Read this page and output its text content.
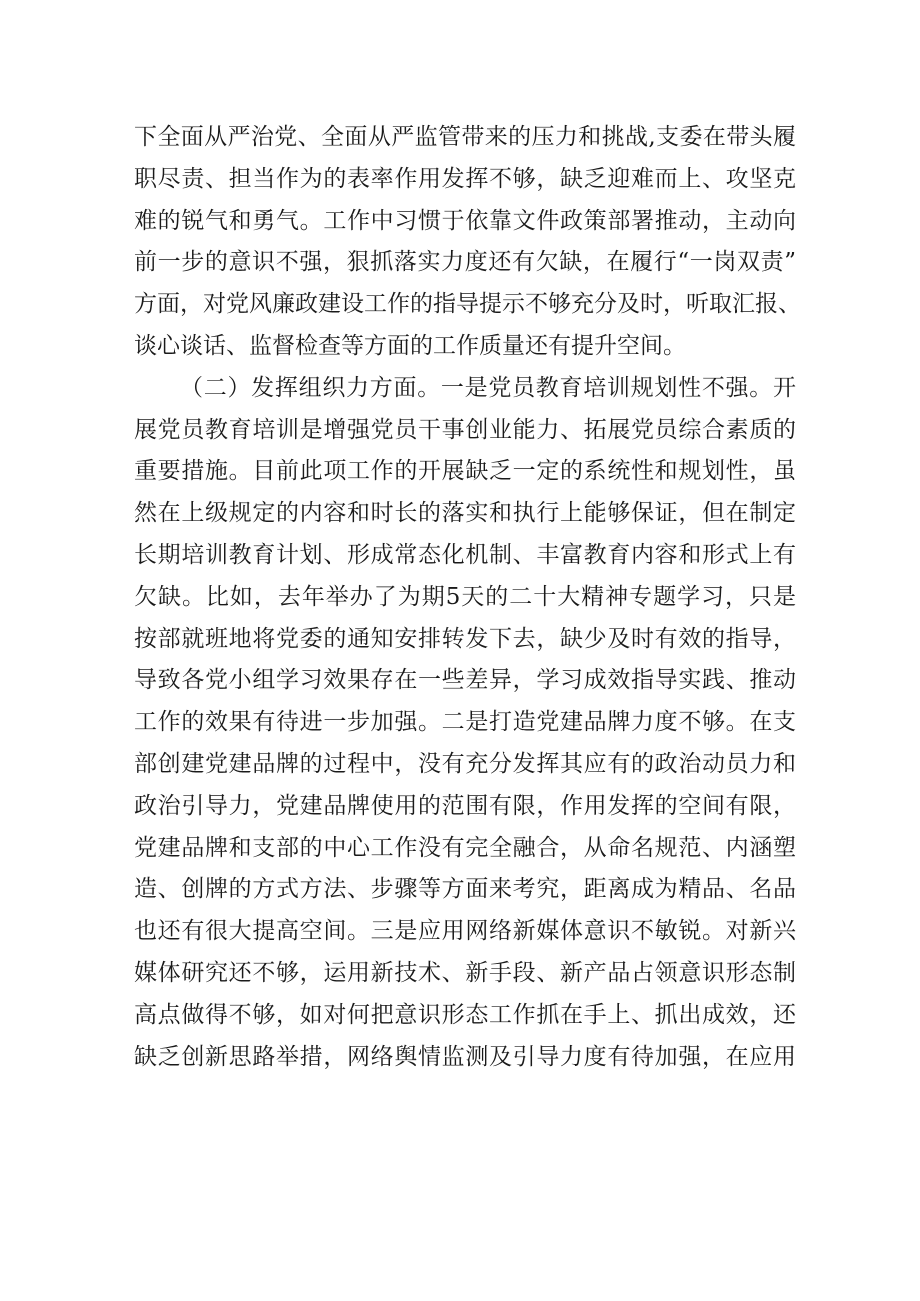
下全面从严治党、全面从严监管带来的压力和挑战,支委在带头履
职尽责、担当作为的表率作用发挥不够，缺乏迎难而上、攻坚克
难的锐气和勇气。工作中习惯于依靠文件政策部署推动，主动向
前一步的意识不强，狠抓落实力度还有欠缺，在履行“一岗双责”
方面，对党风廉政建设工作的指导提示不够充分及时，听取汇报、
谈心谈话、监督检查等方面的工作质量还有提升空间。
（二）发挥组织力方面。一是党员教育培训规划性不强。开
展党员教育培训是增强党员干事创业能力、拓展党员综合素质的
重要措施。目前此项工作的开展缺乏一定的系统性和规划性，虽
然在上级规定的内容和时长的落实和执行上能够保证，但在制定
长期培训教育计划、形成常态化机制、丰富教育内容和形式上有
欠缺。比如，去年举办了为期5天的二十大精神专题学习，只是
按部就班地将党委的通知安排转发下去，缺少及时有效的指导，
导致各党小组学习效果存在一些差异，学习成效指导实践、推动
工作的效果有待进一步加强。二是打造党建品牌力度不够。在支
部创建党建品牌的过程中，没有充分发挥其应有的政治动员力和
政治引导力，党建品牌使用的范围有限，作用发挥的空间有限，
党建品牌和支部的中心工作没有完全融合，从命名规范、内涵塑
造、创牌的方式方法、步骤等方面来考究，距离成为精品、名品
也还有很大提高空间。三是应用网络新媒体意识不敏锐。对新兴
媒体研究还不够，运用新技术、新手段、新产品占领意识形态制
高点做得不够，如对何把意识形态工作抓在手上、抓出成效，还
缺乏创新思路举措，网络舆情监测及引导力度有待加强，在应用
